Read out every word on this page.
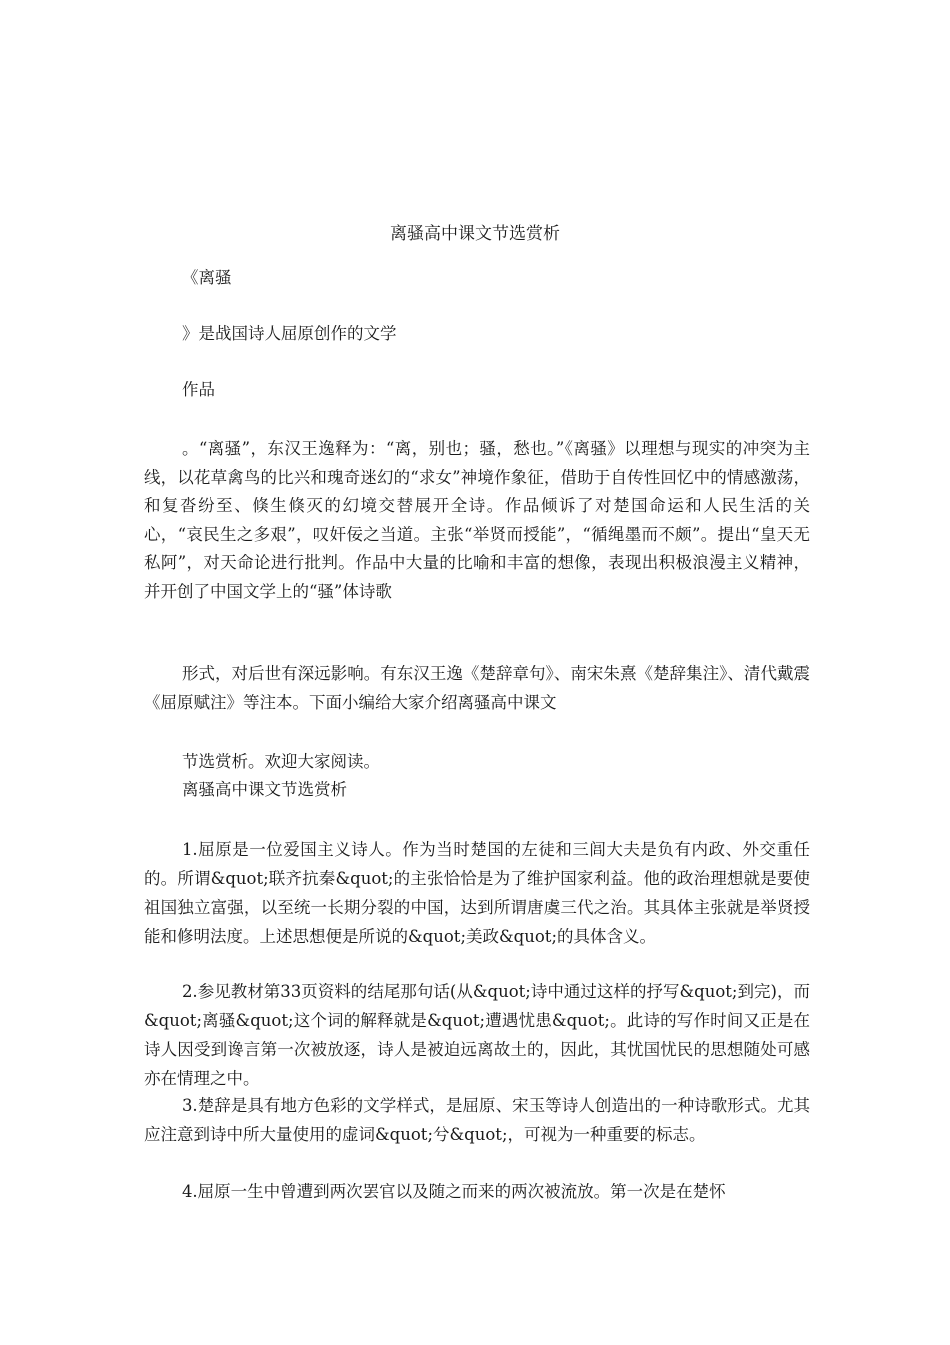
离骚高中课文节选赏析

《离骚

》是战国诗人屈原创作的文学

作品

。“离骚”，东汉王逸释为：“离，别也；骚，愁也。”《离骚》以理想与现实的冲突为主线，以花草禽鸟的比兴和瑰奇迷幻的“求女”神境作象征，借助于自传性回忆中的情感激荡，和复沓纷至、倏生倏灭的幻境交替展开全诗。作品倾诉了对楚国命运和人民生活的关心，“哀民生之多艰”，叹奸佞之当道。主张“举贤而授能”，“循绳墨而不颇”。提出“皇天无私阿”，对天命论进行批判。作品中大量的比喻和丰富的想像，表现出积极浪漫主义精神，并开创了中国文学上的“骚”体诗歌

形式，对后世有深远影响。有东汉王逸《楚辞章句》、南宋朱熹《楚辞集注》、清代戴震《屈原赋注》等注本。下面小编给大家介绍离骚高中课文

节选赏析。欢迎大家阅读。

离骚高中课文节选赏析

1.屈原是一位爱国主义诗人。作为当时楚国的左徒和三闾大夫是负有内政、外交重任的。所谓&quot;联齐抗秦&quot;的主张恰恰是为了维护国家利益。他的政治理想就是要使祖国独立富强，以至统一长期分裂的中国，达到所谓唐虞三代之治。其具体主张就是举贤授能和修明法度。上述思想便是所说的&quot;美政&quot;的具体含义。

2.参见教材第33页资料的结尾那句话(从&quot;诗中通过这样的抒写&quot;到完)，而&quot;离骚&quot;这个词的解释就是&quot;遭遇忧患&quot;。此诗的写作时间又正是在诗人因受到谗言第一次被放逐，诗人是被迫远离故土的，因此，其忧国忧民的思想随处可感亦在情理之中。

3.楚辞是具有地方色彩的文学样式，是屈原、宋玉等诗人创造出的一种诗歌形式。尤其应注意到诗中所大量使用的虚词&quot;兮&quot;，可视为一种重要的标志。

4.屈原一生中曾遭到两次罢官以及随之而来的两次被流放。第一次是在楚怀
